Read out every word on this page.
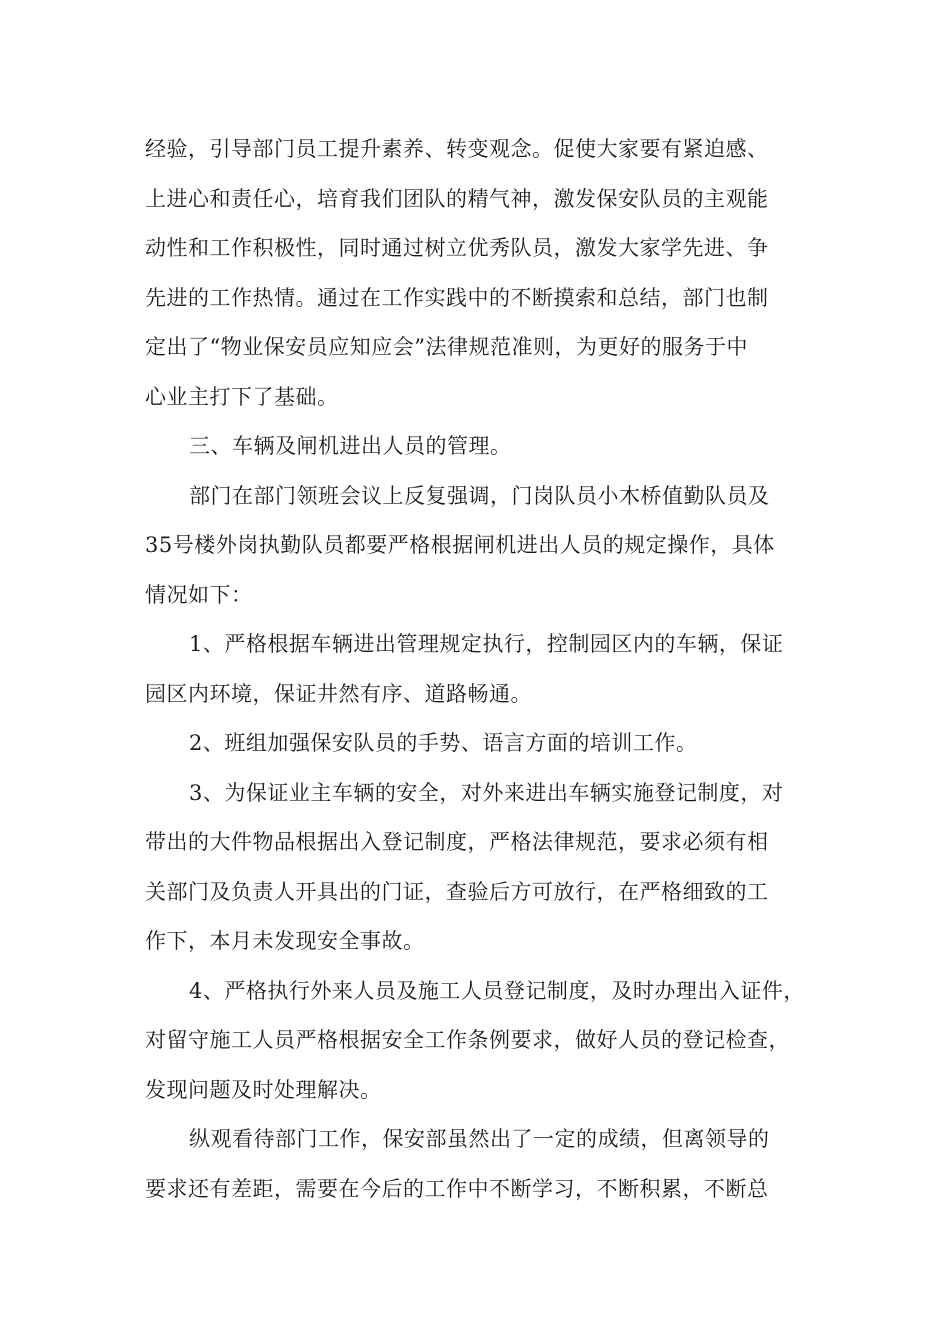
经验，引导部门员工提升素养、转变观念。促使大家要有紧迫感、
上进心和责任心，培育我们团队的精气神，激发保安队员的主观能
动性和工作积极性，同时通过树立优秀队员，激发大家学先进、争
先进的工作热情。通过在工作实践中的不断摸索和总结，部门也制
定出了“物业保安员应知应会”法律规范准则，为更好的服务于中
心业主打下了基础。
三、车辆及闸机进出人员的管理。
部门在部门领班会议上反复强调，门岗队员小木桥值勤队员及
35号楼外岗执勤队员都要严格根据闸机进出人员的规定操作，具体
情况如下：
1、严格根据车辆进出管理规定执行，控制园区内的车辆，保证
园区内环境，保证井然有序、道路畅通。
2、班组加强保安队员的手势、语言方面的培训工作。
3、为保证业主车辆的安全，对外来进出车辆实施登记制度，对
带出的大件物品根据出入登记制度，严格法律规范，要求必须有相
关部门及负责人开具出的门证，查验后方可放行，在严格细致的工
作下，本月未发现安全事故。
4、严格执行外来人员及施工人员登记制度，及时办理出入证件，
对留守施工人员严格根据安全工作条例要求，做好人员的登记检查，
发现问题及时处理解决。
纵观看待部门工作，保安部虽然出了一定的成绩，但离领导的
要求还有差距，需要在今后的工作中不断学习，不断积累，不断总
